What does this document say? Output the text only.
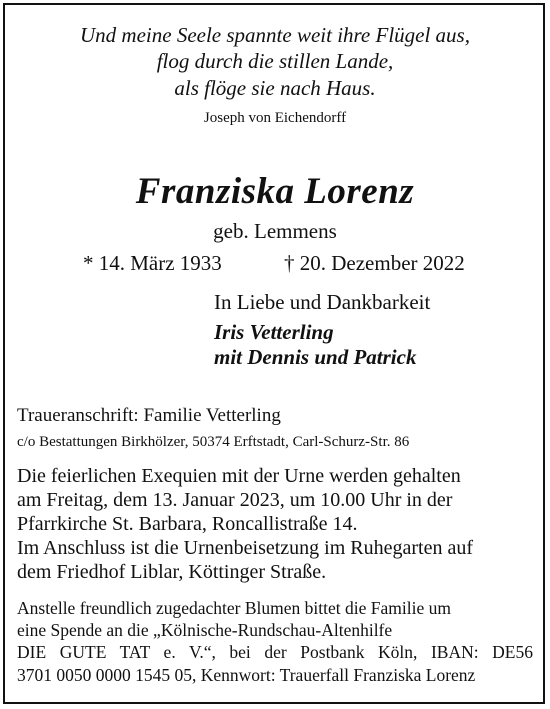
Und meine Seele spannte weit ihre Flügel aus,
flog durch die stillen Lande,
als flöge sie nach Haus.
Joseph von Eichendorff
Franziska Lorenz
geb. Lemmens
* 14. März 1933	† 20. Dezember 2022
In Liebe und Dankbarkeit
Iris Vetterling
mit Dennis und Patrick
Traueranschrift: Familie Vetterling
c/o Bestattungen Birkhölzer, 50374 Erftstadt, Carl-Schurz-Str. 86
Die feierlichen Exequien mit der Urne werden gehalten
am Freitag, dem 13. Januar 2023, um 10.00 Uhr in der
Pfarrkirche St. Barbara, Roncallistraße 14.
Im Anschluss ist die Urnenbeisetzung im Ruhegarten auf
dem Friedhof Liblar, Köttinger Straße.
Anstelle freundlich zugedachter Blumen bittet die Familie um
eine Spende an die „Kölnische-Rundschau-Altenhilfe
DIE GUTE TAT e. V.“, bei der Postbank Köln, IBAN: DE56
3701 0050 0000 1545 05, Kennwort: Trauerfall Franziska Lorenz
